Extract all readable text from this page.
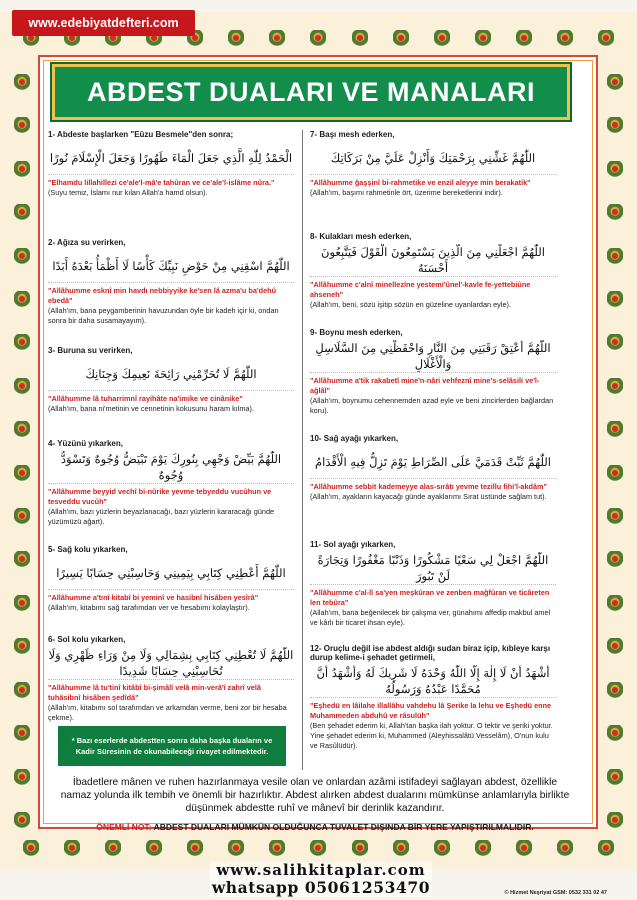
www.edebiyatdefteri.com
ABDEST DUALARI VE MANALARI
1- Abdeste başlarken "Eûzu Besmele"den sonra;
الْحَمْدُ لِلّٰهِ الَّذِي جَعَلَ الْمَاءَ طَهُورًا وَجَعَلَ الْإِسْلَامَ نُورًا
"Elhamdu lillahillezi ce'ale'l-mâ'e tahûran ve ce'ale'l-islâme nûra."
(Suyu temiz, İslamı nur kılan Allah'a hamd olsun).
2- Ağıza su verirken,
اللّٰهُمَّ اسْقِنِي مِنْ حَوْضِ نَبِيِّكَ كَأْسًا لَا أَظْمَأُ بَعْدَهُ أَبَدًا
"Allâhumme esknî min havdı nebbiyyike ke'sen lâ azma'u ba'dehû ebedâ"
(Allah'ım, bana peygamberinin havuzundan öyle bir kadeh içir ki, ondan sonra bir daha susamayayım).
3- Buruna su verirken,
اللّٰهُمَّ لَا تُحَرِّمْنِي رَائِحَةَ نَعِيمِكَ وَجِنَانِكَ
"Allâhumme lâ tuharrimnî rayihâte na'imike ve cinânike"
(Allah'ım, bana ni'metinin ve cennetinin kokusunu haram kılma).
4- Yüzünü yıkarken,
اللّٰهُمَّ بَيِّضْ وَجْهِي بِنُورِكَ يَوْمَ تَبْيَضُّ وُجُوهٌ وَتَسْوَدُّ وُجُوهٌ
"Allâhumme beyyid vechî bi-nûrike yevme tebyeddu vucûhun ve tesveddu vucûh"
(Allah'ım, bazı yüzlerin beyazlanacağı, bazı yüzlerin kararacağı günde yüzümüzü ağart).
5- Sağ kolu yıkarken,
اللّٰهُمَّ أَعْطِنِي كِتَابِي بِيَمِينِي وَحَاسِبْنِي حِسَابًا يَسِيرًا
"Allâhumme a'tınî kitabî bi yeminî ve hasibnî hisâben yesîrâ"
(Allah'ım, kitabımı sağ tarafımdan ver ve hesabımı kolaylaştır).
6- Sol kolu yıkarken,
اللّٰهُمَّ لَا تُعْطِنِي كِتَابِي بِشِمَالِي وَلَا مِنْ وَرَاءِ ظَهْرِي وَلَا تُحَاسِبْنِي حِسَابًا شَدِيدًا
"Allâhumme lâ tu'tinî kitâbî bi-şimâlî velâ min-verâ'î zahrî velâ tuhâsibnî hisâben şedîdâ"
(Allah'ım, kitabımı sol tarafımdan ve arkamdan verme, beni zor bir hesaba çekme).
* Bazı eserlerde abdestten sonra daha başka duaların ve Kadir Süresinin de okunabileceği rivayet edilmektedir.
7- Başı mesh ederken,
اللّٰهُمَّ غَشِّنِي بِرَحْمَتِكَ وَأَنْزِلْ عَلَيَّ مِنْ بَرَكَاتِكَ
"Allâhumme ğaşşinî bi-rahmetike ve enzil aleyye min berakatik"
(Allah'ım, başımı rahmetinle ört, üzerime bereketlerini indir).
8- Kulakları mesh ederken,
اللّٰهُمَّ اجْعَلْنِي مِنَ الَّذِينَ يَسْتَمِعُونَ الْقَوْلَ فَيَتَّبِعُونَ أَحْسَنَهُ
"Allâhumme c'alnî minellezîne yestemi'ûnel'-kavle fe-yettebiûne ahseneh"
(Allah'ım, beni, sözü işitip sözün en güzeline uyanlardan eyle).
9- Boynu mesh ederken,
اللّٰهُمَّ أَعْتِقْ رَقَبَتِي مِنَ النَّارِ وَاحْفَظْنِي مِنَ السَّلَاسِلِ وَالْأَغْلَالِ
"Allâhumme a'tik rakabetî mine'n-nâri vehfeznî mine's-selâsili ve'l-ağlâl"
(Allah'ım, boynumu cehennemden azad eyle ve beni zincirlerden bağlardan koru).
10- Sağ ayağı yıkarken,
اللّٰهُمَّ ثَبِّتْ قَدَمَيَّ عَلَى الصِّرَاطِ يَوْمَ تَزِلُّ فِيهِ الْأَقْدَامُ
"Allâhumme sebbit kademeyye alas-sırâtı yevme tezillu fihi'l-akdâm"
(Allah'ım, ayakların kayacağı günde ayaklarımı Sırat üstünde sağlam tut).
11- Sol ayağı yıkarken,
اللّٰهُمَّ اجْعَلْ لِي سَعْيًا مَشْكُورًا وَذَنْبًا مَغْفُورًا وَتِجَارَةً لَنْ تَبُورَ
"Allâhumme c'al-lî sa'yen meşkûran ve zenben mağfûran ve ticâreten len tebûra"
(Allah'ım, bana beğenilecek bir çalışma ver, günahımı affedip makbul amel ve kârlı bir ticaret ihsan eyle).
12- Oruçlu değil ise abdest aldığı sudan biraz içip, kıbleye karşı durup kelime-i şehadet getirmeli,
أَشْهَدُ أَنْ لَا إِلٰهَ إِلَّا اللّٰهُ وَحْدَهُ لَا شَرِيكَ لَهُ وَأَشْهَدُ أَنَّ مُحَمَّدًا عَبْدُهُ وَرَسُولُهُ
"Eşhedü en lâilahe illallâhu vahdehu lâ Şerike la lehu ve Eşhedü enne Muhammeden abduhû ve râsulüh"
(Ben şehadet ederim ki, Allah'tan başka ilah yoktur. O tektir ve şeriki yoktur. Yine şehadet ederim ki, Muhammed (Aleyhissalâtü Vesselâm), O'nun kulu ve Rasûlüdür).
İbadetlere mânen ve ruhen hazırlanmaya vesile olan ve onlardan azâmi istifadeyi sağlayan abdest, özellikle namaz yolunda ilk tembih ve önemli bir hazırlıktır. Abdest alırken abdest dualarını mümkünse anlamlarıyla birlikte düşünmek abdestte ruhî ve mânevî bir derinlik kazandırır.
ÖNEMLİ NOT: ABDEST DUALARI MÜMKÜN OLDUĞUNCA TUVALET DIŞINDA BİR YERE YAPIŞTIRILMALIDIR.
www.salihkitaplar.com
whatsapp 05061253470	© Hizmet Neşriyat GSM: 0532 331 02 47
